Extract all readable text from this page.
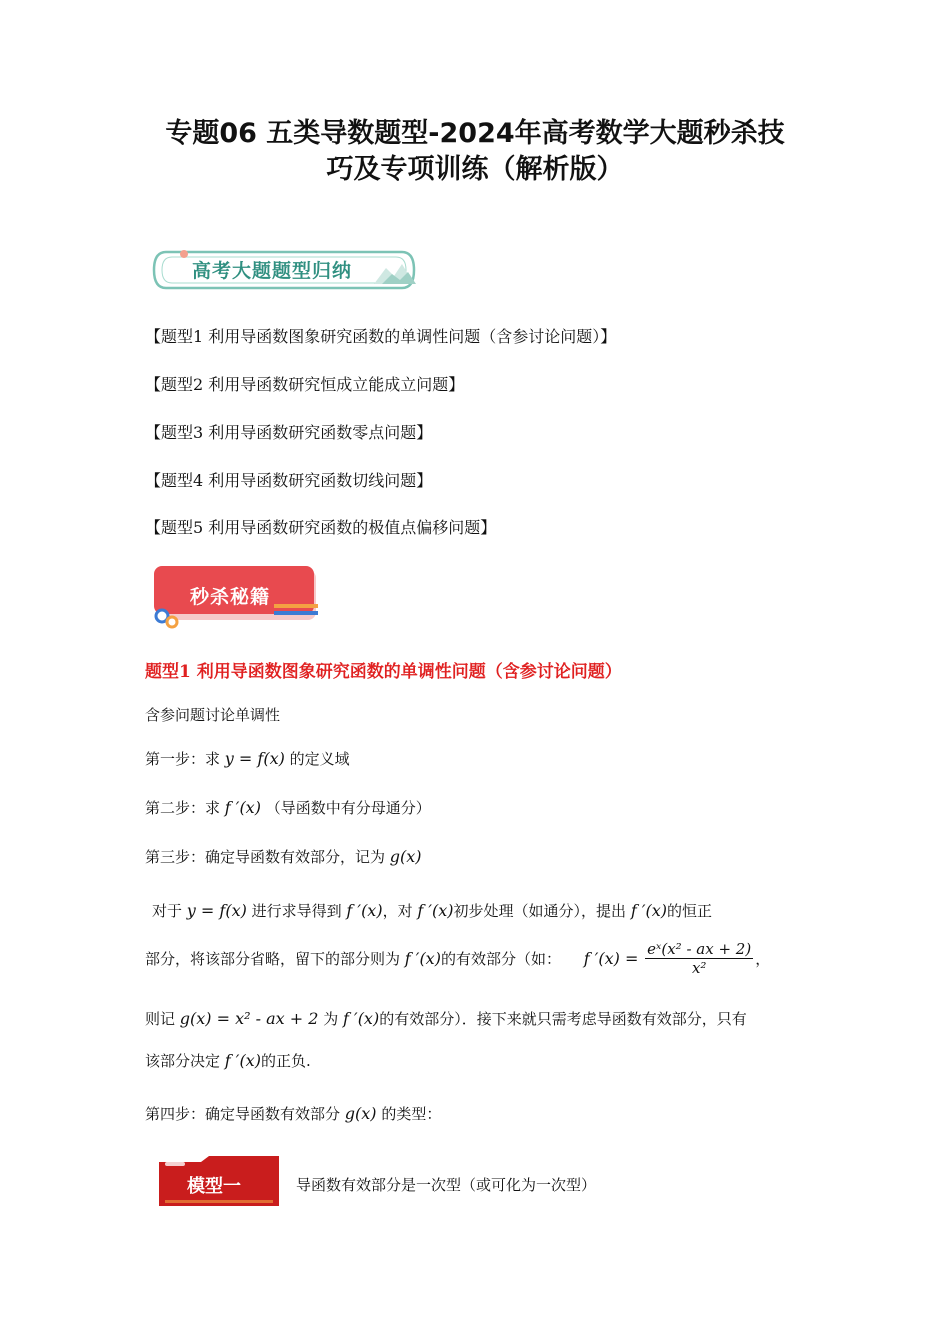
专题06 五类导数题型-2024年高考数学大题秒杀技
巧及专项训练（解析版）
高考大题题型归纳
【题型1 利用导函数图象研究函数的单调性问题（含参讨论问题）】
【题型2 利用导函数研究恒成立能成立问题】
【题型3 利用导函数研究函数零点问题】
【题型4 利用导函数研究函数切线问题】
【题型5 利用导函数研究函数的极值点偏移问题】
秒杀秘籍
题型1 利用导函数图象研究函数的单调性问题（含参讨论问题）
含参问题讨论单调性
第一步：求 y = f(x) 的定义域
第二步：求 f ′(x) （导函数中有分母通分）
第三步：确定导函数有效部分，记为 g(x)
对于 y = f(x) 进行求导得到 f ′(x)，对 f ′(x)初步处理（如通分），提出 f ′(x)的恒正
部分，将该部分省略，留下的部分则为 f ′(x)的有效部分（如： f $'(x) = \frac{\text{eˣ(x² - ax + 2)}}{\text{x²}}$ ，
则记 g(x) = x² - ax + 2 为 f ′(x)的有效部分）．接下来就只需考虑导函数有效部分，只有
该部分决定 f ′(x)的正负.
第四步：确定导函数有效部分 g(x) 的类型：
模型一	导函数有效部分是一次型（或可化为一次型）
